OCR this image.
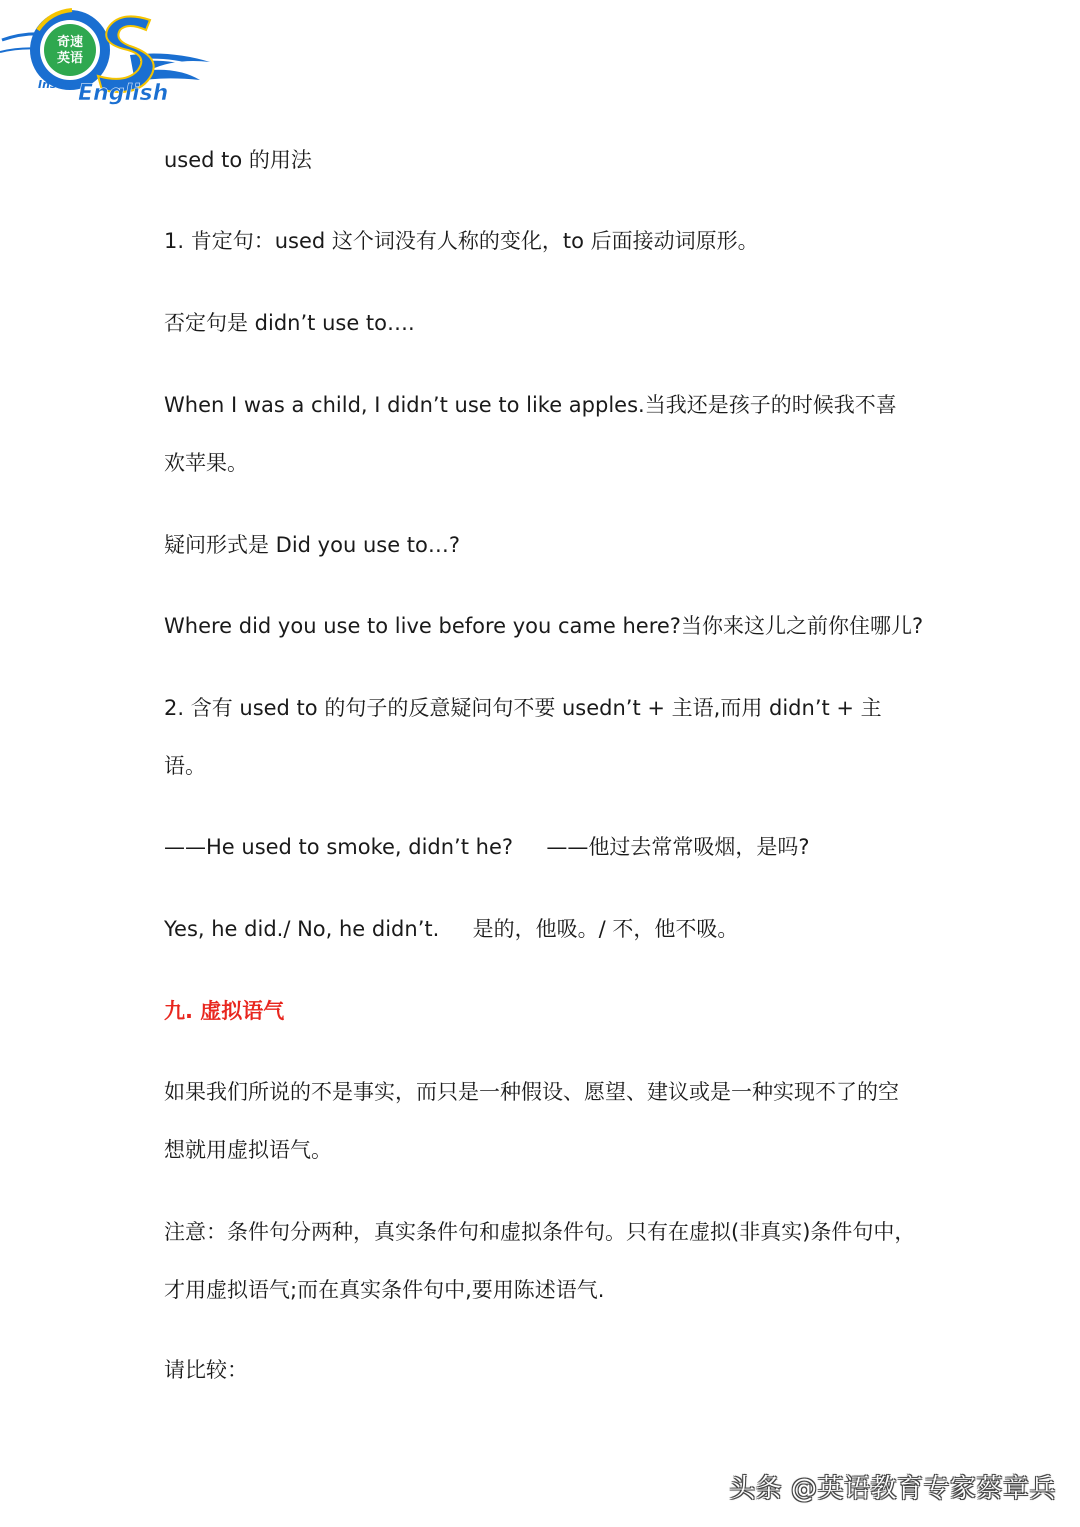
奇速
英语
Instant
English
used to 的用法
1. 肯定句：used 这个词没有人称的变化，to 后面接动词原形。
否定句是 didn’t use to….
When I was a child, I didn’t use to like apples.当我还是孩子的时候我不喜
欢苹果。
疑问形式是 Did you use to…?
Where did you use to live before you came here?当你来这儿之前你住哪儿?
2. 含有 used to 的句子的反意疑问句不要 usedn’t + 主语,而用 didn’t + 主
语。
——He used to smoke, didn’t he?     ——他过去常常吸烟，是吗?
Yes, he did./ No, he didn’t.     是的，他吸。/ 不，他不吸。
九. 虚拟语气
如果我们所说的不是事实，而只是一种假设、愿望、建议或是一种实现不了的空
想就用虚拟语气。
注意：条件句分两种，真实条件句和虚拟条件句。只有在虚拟(非真实)条件句中，
才用虚拟语气;而在真实条件句中,要用陈述语气.
请比较：
头条 @英语教育专家蔡章兵
